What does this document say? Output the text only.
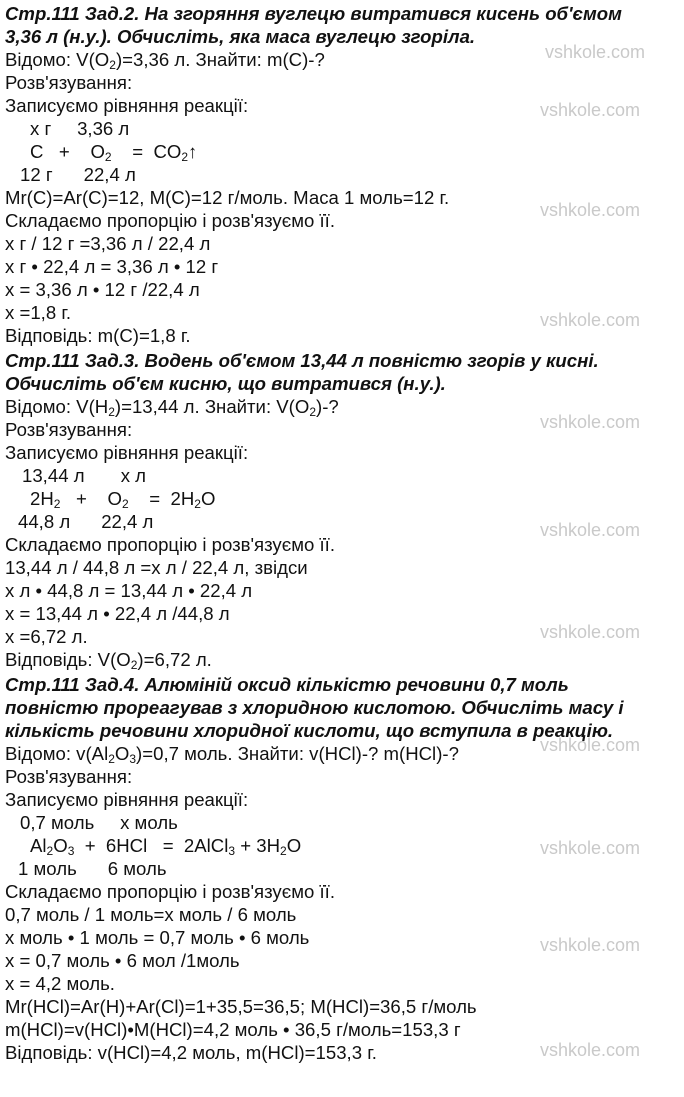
vshkole.com
vshkole.com
vshkole.com
vshkole.com
vshkole.com
vshkole.com
vshkole.com
vshkole.com
vshkole.com
vshkole.com
vshkole.com
Стр.111 Зад.2. На згоряння вуглецю витратився кисень об'ємом
3,36 л (н.у.). Обчисліть, яка маса вуглецю згоріла.
Відомо: $V(O_2)=3,36$ л. Знайти: m(C)-?
Розв'язування:
Записуємо рівняння реакції:
х г     3,36 л
C   +    $O_2$    =  $CO_2↑$
12 г      22,4 л
Mr(C)=Ar(C)=12, M(C)=12 г/моль. Маса 1 моль=12 г.
Складаємо пропорцію і розв'язуємо її.
х г / 12 г =3,36 л / 22,4 л
х г • 22,4 л = 3,36 л • 12 г
х = 3,36 л • 12 г /22,4 л
х =1,8 г.
Відповідь: m(C)=1,8 г.
Стр.111 Зад.3. Водень об'ємом 13,44 л повністю згорів у кисні.
Обчисліть об'єм кисню, що витратився (н.у.).
Відомо: $V(H_2)=13,44$ л. Знайти: $V(O_2)-$?
Розв'язування:
Записуємо рівняння реакції:
13,44 л       х л
$2H_2$   +    $O_2$    =  $2H_2O$
44,8 л      22,4 л
Складаємо пропорцію і розв'язуємо її.
13,44 л / 44,8 л =х л / 22,4 л, звідси
х л • 44,8 л = 13,44 л • 22,4 л
х = 13,44 л • 22,4 л /44,8 л
х =6,72 л.
Відповідь: $V(O_2)=6,72$ л.
Стр.111 Зад.4. Алюміній оксид кількістю речовини 0,7 моль
повністю прореагував з хлоридною кислотою. Обчисліть масу і
кількість речовини хлоридної кислоти, що вступила в реакцію.
Відомо: $v(Al_2O_3)=0,7$ моль. Знайти: v(HCl)-? m(HCl)-?
Розв'язування:
Записуємо рівняння реакції:
0,7 моль     х моль
$Al_2O_3 + 6HCl$   =  2AlCl$_3$ + $3H_2O$
1 моль      6 моль
Складаємо пропорцію і розв'язуємо її.
0,7 моль / 1 моль=х моль / 6 моль
х моль • 1 моль = 0,7 моль • 6 моль
х = 0,7 моль • 6 мол /1моль
х = 4,2 моль.
Mr(HCl)=Ar(H)+Ar(Cl)=1+35,5=36,5; M(HCl)=36,5 г/моль
m(HCl)=v(HCl)•M(HCl)=4,2 моль • 36,5 г/моль=153,3 г
Відповідь: v(HCl)=4,2 моль, m(HCl)=153,3 г.
